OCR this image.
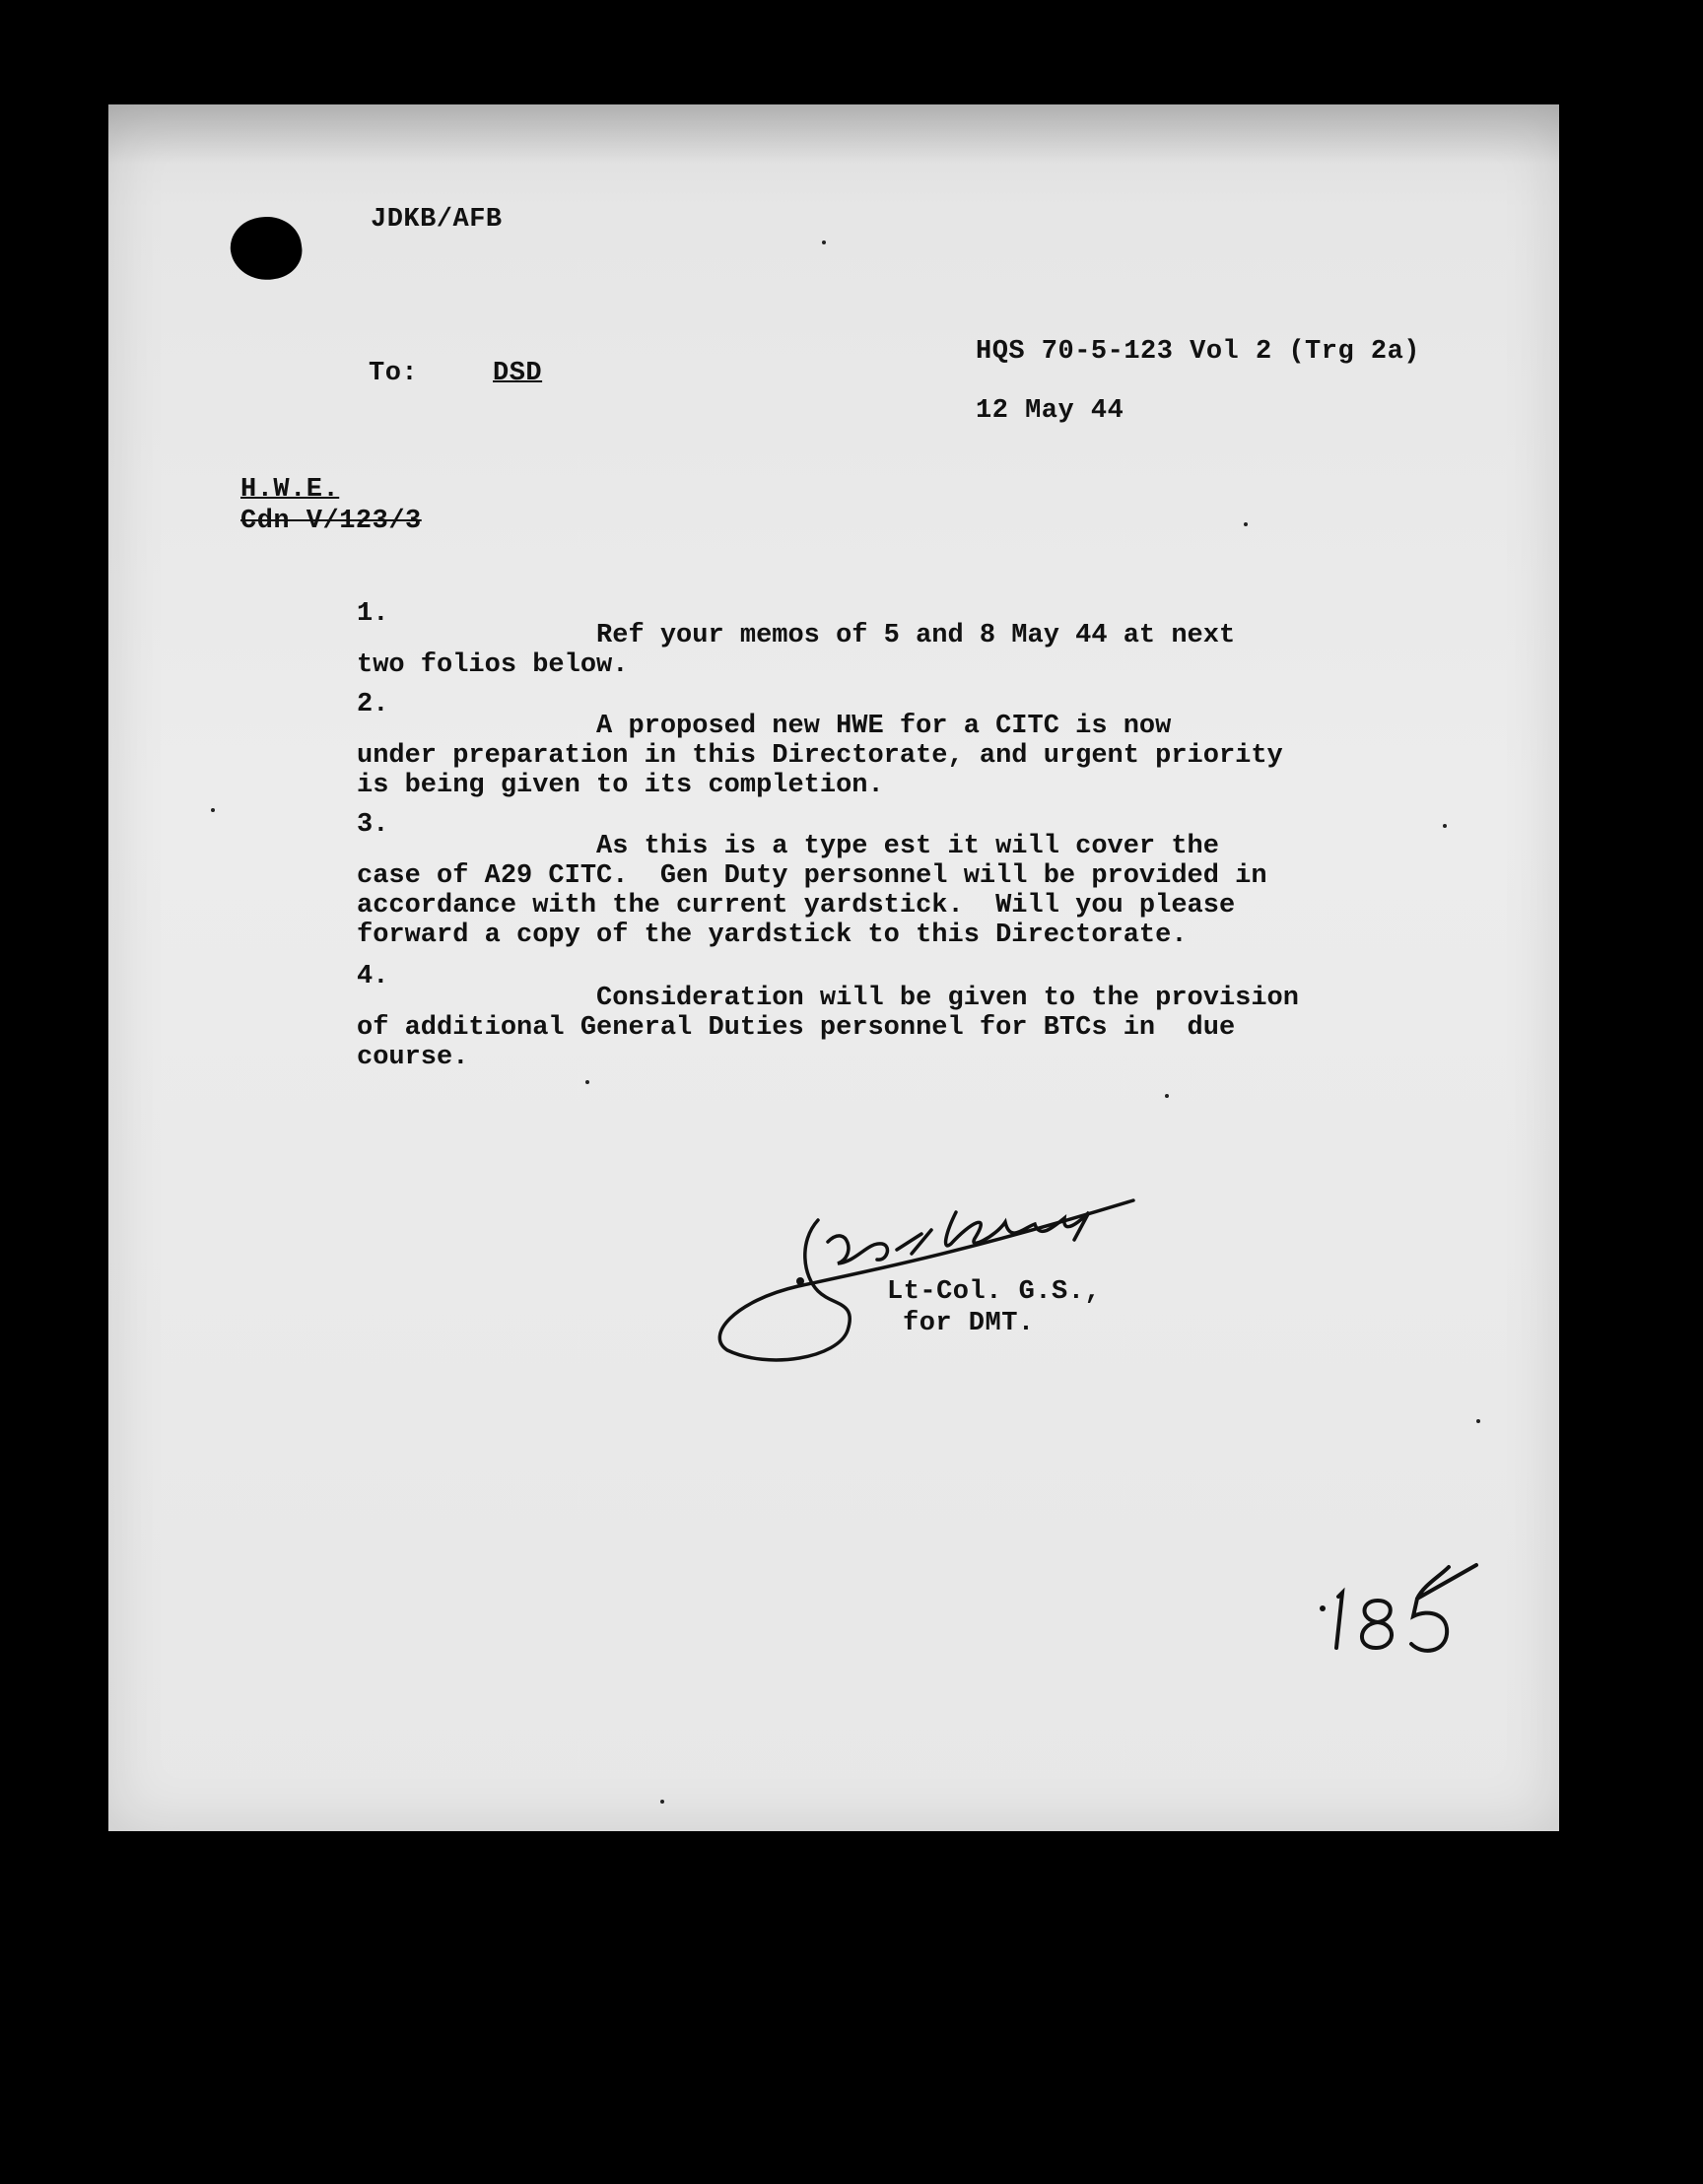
JDKB/AFB
To:	DSD
HQS 70-5-123 Vol 2 (Trg 2a)
12 May 44
H.W.E.
Cdn V/123/3
1.
Ref your memos of 5 and 8 May 44 at next
two folios below.
2.
A proposed new HWE for a CITC is now
under preparation in this Directorate, and urgent priority
is being given to its completion.
3.
As this is a type est it will cover the
case of A29 CITC.  Gen Duty personnel will be provided in
accordance with the current yardstick.  Will you please
forward a copy of the yardstick to this Directorate.
4.
Consideration will be given to the provision
of additional General Duties personnel for BTCs in  due
course.
Lt-Col. G.S.,
for DMT.
